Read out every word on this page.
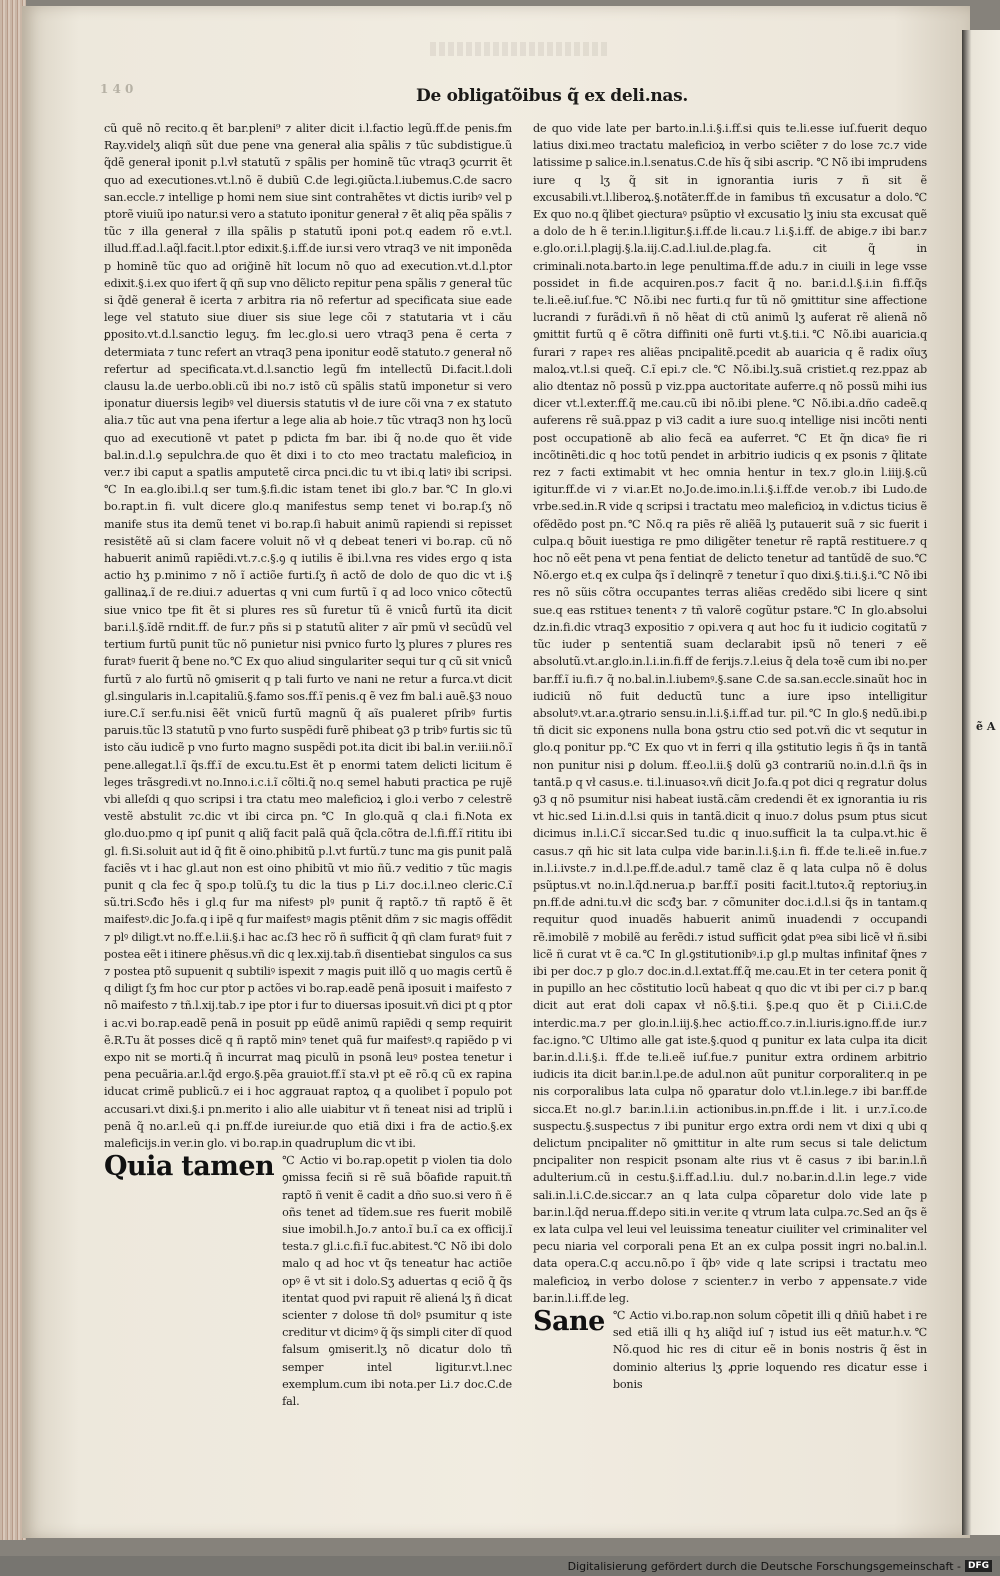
ẽ A
1 4 0	De obligatõibus q̃ ex deli.nas.

cũ quẽ nõ recito.q ẽt bar.pleni⁹ ⁊ aliter dicit i.l.factio legũ.ff.de penis.fm Ray.videlʒ aliqñ sũt due pene vna generał alia spãlis ⁊ tũc subdistigue.ũ q̃dẽ generał iponit p.l.vł statutũ ⁊ spãlis per hominẽ tũc vtraq3 ꝯcurrit ẽt quo ad executiones.vt.l.nõ ẽ dubiũ C.de legi.ꝯiũcta.l.iubemus.C.de sacro san.eccle.⁊ intellige p homi nem siue sint contrahẽtes vt dictis iuribꝰ vel p ptorẽ viuiũ ipo natur.si vero a statuto iponitur generał ⁊ ẽt aliq pẽa spãlis ⁊ tũc ⁊ illa generał ⁊ illa spãlis p statutũ iponi pot.q eadem rõ e.vt.l. illud.ff.ad.l.aq̃l.facit.l.ptor edixit.§.i.ff.de iur.si vero vtraq3 ve nit imponẽda p hominẽ tũc quo ad oriğinẽ hĩt locum nõ quo ad execution.vt.d.l.ptor edixit.§.i.ex quo ifert q̃ qñ sup vno dẽlicto repitur pena spãlis ⁊ generał tũc si q̃dẽ generał ẽ icerta ⁊ arbitra ria nõ refertur ad specificata siue eade lege vel statuto siue diuer sis siue lege cõi ⁊ statutaria vt i cău ꝑposito.vt.d.l.sanctio leguʒ. fm lec.glo.si uero vtraq3 pena ẽ certa ⁊ determiata ⁊ tunc refert an vtraq3 pena iponitur eodẽ statuto.⁊ generał nõ refertur ad specificata.vt.d.l.sanctio legũ fm intellectũ Di.facit.l.doli clausu la.de uerbo.obli.cũ ibi no.⁊ istõ cũ spãlis statũ imponetur si vero iponatur diuersis legibꝰ vel diuersis statutis vł de iure cõi vna ⁊ ex statuto alia.⁊ tũc aut vna pena ifertur a lege alia ab hoie.⁊ tũc vtraq3 non hʒ locũ quo ad executionẽ vt patet p pdicta fm bar. ibi q̃ no.de quo ẽt vide bal.in.d.l.ꝯ sepulchra.de quo ẽt dixi i to cto meo tractatu maleficioꝝ in ver.⁊ ibi caput a spatlis amputetẽ circa pnci.dic tu vt ibi.q latiꝰ ibi scripsi.℃ In ea.glo.ibi.l.q ser tum.§.fi.dic istam tenet ibi glo.⁊ bar.℃ In glo.vi bo.rapt.in fi. vult dicere glo.q manifestus semp tenet vi bo.rap.ſʒ nõ manife stus ita demũ tenet vi bo.rap.ſi habuit animũ rapiendi si repisset resistẽtẽ aũ si clam facere voluit nõ vł q debeat teneri vi bo.rap. cũ nõ habuerit animũ rapiẽdi.vt.⁊.c.§.ꝯ q iutilis ẽ ibi.l.vna res vides ergo q ista actio hʒ p.minimo ⁊ nõ ĩ actiõe furti.ſʒ ñ actõ de dolo de quo dic vt i.§ gallinaꝝ.ĩ de re.diui.⁊ aduertas q vni cum furtũ ĩ q ad loco vnico cõtectũ siue vnico tpe fit ẽt si plures res sũ furetur tũ ẽ vniců furtũ ita dicit bar.i.l.§.ĩdẽ rndit.ff. de fur.⁊ pñs si p statutũ aliter ⁊ aĩr pmũ vł secũdũ vel tertium furtũ punit tũc nõ punietur nisi pvnico furto lʒ plures ⁊ plures res furatꝰ fuerit q̃ bene no.℃ Ex quo aliud singulariter sequi tur q cũ sit vniců furtũ ⁊ alo furtũ nõ ꝯmiserit q p tali furto ve nani ne retur a furca.vt dicit gl.singularis in.l.capitaliũ.§.famo sos.ff.ĩ penis.q ẽ vez fm bal.i auẽ.§3 nouo iure.C.ĩ ser.fu.nisi ẽẽt vnicũ furtũ magnũ q̃ aĩs pualeret pſribꝰ furtis paruis.tũc l3 statutũ p vno furto suspẽdi furẽ phibeat ꝯ3 p tribꝰ furtis sic tũ isto cău iudicẽ p vno furto magno suspẽdi pot.ita dicit ibi bal.in ver.iii.nõ.ĩ pene.allegat.l.ĩ q̃s.ff.ĩ de excu.tu.Est ẽt p enormi tatem delicti licitum ẽ leges trãsgredi.vt no.Inno.i.c.i.ĩ cõlti.q̃ no.q semel habuti practica pe rujẽ vbi alleſdi q quo scripsi i tra ctatu meo maleficioꝝ i glo.i verbo ⁊ celestrẽ vestẽ abstulit ⁊c.dic vt ibi circa pn.℃ In glo.quã q cla.i fi.Nota ex glo.duo.pmo q ipſ punit q aliq̃ facit palã quã q̃cla.cõtra de.l.fi.ff.ĩ rititu ibi gl. fi.Si.soluit aut id q̃ fit ẽ oino.phibitũ p.l.vt furtũ.⁊ tunc ma gis punit palã faciẽs vt i hac gl.aut non est oino phibitũ vt mio ñũ.⁊ veditio ⁊ tũc magis punit q cla fec q̃ spo.p tolũ.ſʒ tu dic la tius p Li.⁊ doc.i.l.neo cleric.C.ĩ sũ.tri.Scđo hẽs i gl.q fur ma nifestꝰ plꝰ punit q̃ raptõ.⁊ tñ raptõ ẽ ẽt maifestꝰ.dic Jo.fa.q i ipẽ q fur maifestꝰ magis ptẽnit dñm ⁊ sic magis offẽdit ⁊ plꝰ diligt.vt no.ff.e.l.ii.§.i hac ac.ſ3 hec rõ ñ sufficit q̃ qñ clam furatꝰ fuit ⁊ postea eẽt i itinere ꝑhẽsus.vñ dic q lex.xij.tab.ñ disentiebat singulos ca sus ⁊ postea ptõ supuenit q subtiliꝰ ispexit ⁊ magis puit illõ q uo magis certũ ẽ q diligt ſʒ fm hoc cur ptor p actões vi bo.rap.eadẽ penã iposuit i maifesto ⁊ nõ maifesto ⁊ tñ.l.xij.tab.⁊ ipe ptor i fur to diuersas iposuit.vñ dici pt q ptor i ac.vi bo.rap.eadẽ penã in posuit pp eũdẽ animũ rapiẽdi q semp requirit ẽ.R.Tu ãt posses dicẽ q ñ raptõ minꝰ tenet quã fur maifestꝰ.q rapiẽdo p vi expo nit se morti.q̃ ñ incurrat maꝗ piculũ in psonã leuꝰ postea tenetur i pena pecuãria.ar.l.q̃d ergo.§.pẽa grauiot.ff.ĩ sta.vł pt eẽ rõ.q cũ ex rapina iducat crimẽ publicũ.⁊ ei i hoc aggrauat raptoꝝ q a quolibet ĩ populo pot accusari.vt dixi.§.i pn.merito i alio alle uiabitur vt ñ teneat nisi ad triplũ i penã q̃ no.ar.l.eũ q.i pn.ff.de iureiur.de quo etiã dixi i fra de actio.§.ex maleficijs.in ver.in glo. vi bo.rap.in quadruplum dic vt ibi.

Quia tamen ℃ Actio vi bo.rap.opetit p violen tia dolo ꝯmissa feciñ si rẽ suã bõafide rapuit.tñ raptõ ñ venit ẽ cadit a dño suo.si vero ñ ẽ oñs tenet ad tĩdem.sue res fuerit mobilẽ siue imobil.h.Jo.⁊ anto.ĩ bu.ĩ ca ex officij.ĩ testa.⁊ gl.i.c.fi.ĩ fuc.abitest.℃ Nõ ibi dolo malo q ad hoc vt q̃s teneatur hac actiõe opꝰ ẽ vt sit i dolo.Sʒ aduertas q eciõ q̃ q̃s itentat quod pvi rapuit rẽ aliená lʒ ñ dicat scienter ⁊ dolose tñ dolꝰ psumitur q iste creditur vt dicimꝰ q̃ q̃s simpli citer dĩ quod falsum ꝯmiserit.lʒ nõ dicatur dolo tñ semper intel ligitur.vt.l.nec exemplum.cum ibi nota.per Li.⁊ doc.C.de fal.

de quo vide late per barto.in.l.i.§.i.ff.si quis te.li.esse iuſ.fuerit dequo latius dixi.meo tractatu maleficioꝝ in verbo sciẽter ⁊ do lose ⁊c.⁊ vide latissime p salice.in.l.senatus.C.de hĩs q̃ sibi ascrip. ℃ Nõ ibi imprudens iure q lʒ q̃ sit in ignorantia iuris ⁊ ñ sit ẽ excusabili.vt.l.liberoꝝ.§.notãter.ff.de in famibus tñ excusatur a dolo.℃ Ex quo no.q q̃libet ꝯiecturaꝰ psũptio vł excusatio lʒ iniu sta excusat quẽ a dolo de h ẽ ter.in.l.ligitur.§.i.ff.de li.cau.⁊ l.i.§.i.ff. de abige.⁊ ibi bar.⁊ e.glo.or.i.l.plagij.§.la.iij.C.ad.l.iul.de.plag.fa. cit q̃ in criminali.nota.barto.in lege penultima.ff.de adu.⁊ in ciuili in lege vsse possidet in fi.de acquiren.pos.⁊ facit q̃ no. bar.i.d.l.§.i.in fi.ff.q̃s te.li.eẽ.iuſ.fue.℃ Nõ.ibi nec furti.q fur tũ nõ ꝯmittitur sine affectione lucrandi ⁊ furãdi.vñ ñ nõ hẽat di ctũ animũ lʒ auferat rẽ alienã nõ ꝯmittit furtũ q ẽ cõtra diffiniti onẽ furti vt.§.ti.i.℃ Nõ.ibi auaricia.q furari ⁊ rapeꝛ res aliẽas pncipalitẽ.pcedit ab auaricia q ẽ radix oĩuʒ maloꝝ.vt.l.si queq̃. C.ĩ epi.⁊ cle.℃ Nõ.ibi.lʒ.suã cristiet.q rez.ppaz ab alio dtentaz nõ possũ p viz.ppa auctoritate auferre.q nõ possũ mihi ius dicer vt.l.exter.ff.q̃ me.cau.cũ ibi nõ.ibi plene.℃ Nõ.ibi.a.dño cadeẽ.q auferens rẽ suã.ppaz p vi3 cadit a iure suo.q intellige nisi incõti nenti post occupationẽ ab alio fecã ea auferret.℃ Et q̃n dicaꝰ fie ri incõtinẽti.dic q hoc totũ pendet in arbitrio iudicis q ex psonis ⁊ q̃litate rez ⁊ facti extimabit vt hec omnia hentur in tex.⁊ glo.in l.iiij.§.cũ igitur.ff.de vi ⁊ vi.ar.Et no.Jo.de.imo.in.l.i.§.i.ff.de ver.ob.⁊ ibi Ludo.de vrbe.sed.in.R vide q scripsi i tractatu meo maleficioꝝ in v.dictus ticius ẽ ofẽdẽdo post pn.℃ Nõ.q ra piẽs rẽ aliẽã lʒ putauerit suã ⁊ sic fuerit i culpa.q bõuit iuestiga re pmo diligẽter tenetur rẽ raptã restituere.⁊ q hoc nõ eẽt pena vt pena fentiat de delicto tenetur ad tantũdẽ de suo.℃ Nõ.ergo et.q ex culpa q̃s ĩ delinqrẽ ⁊ tenetur ĩ quo dixi.§.ti.i.§.i.℃ Nõ ibi res nõ sũis cõtra occupantes terras aliẽas credẽdo sibi licere q sint sue.q eas rstitueꝛ tenentꝛ ⁊ tñ valorẽ cogũtur pstare.℃ In glo.absolui dz.in.fi.dic vtraq3 expositio ⁊ opi.vera q aut hoc fu it iudicio cogitatũ ⁊ tũc iuder p sententiã suam declarabit ipsũ nõ teneri ⁊ eẽ absolutũ.vt.ar.glo.in.l.i.in.fi.ff de ferijs.⁊.l.eius q̃ dela toꝛẽ cum ibi no.per bar.ff.ĩ iu.fi.⁊ q̃ no.bal.in.l.iubemꝰ.§.sane C.de sa.san.eccle.sinaũt hoc in iudiciũ nõ fuit deductũ tunc a iure ipso intelligitur absolutꝰ.vt.ar.a.ꝯtrario sensu.in.l.i.§.i.ff.ad tur. pil.℃ In glo.§ nedũ.ibi.p tñ dicit sic exponens nulla bona ꝯstru ctio sed pot.vñ dic vt sequtur in glo.q ponitur pp.℃ Ex quo vt in ferri q illa ꝯstitutio legis ñ q̃s in tantã non punitur nisi ꝑ dolum. ff.eo.l.ii.§ dolũ ꝯ3 contrariũ no.in.d.l.ñ q̃s in tantã.p q vł casus.e. ti.l.inuasoꝛ.vñ dicit Jo.fa.q pot dici q regratur dolus ꝯ3 q nõ psumitur nisi habeat iustã.cãm credendi ẽt ex ignorantia iu ris vt hic.sed Li.in.d.l.si quis in tantã.dicit q inuo.⁊ dolus psum ptus sicut dicimus in.l.i.C.ĩ siccar.Sed tu.dic q inuo.sufficit la ta culpa.vt.hic ẽ casus.⁊ qñ hic sit lata culpa vide bar.in.l.i.§.i.n fi. ff.de te.li.eẽ in.fue.⁊ in.l.i.ivste.⁊ in.d.l.pe.ff.de.adul.⁊ tamẽ claz ẽ q lata culpa nõ ẽ dolus psũptus.vt no.in.l.q̃d.nerua.p bar.ff.ĩ positi facit.l.tutoꝛ.q̃ reptoriuʒ.in pn.ff.de adni.tu.vł dic scđʒ bar. ⁊ cõmuniter doc.i.d.l.si q̃s in tantam.q requitur quod inuadẽs habuerit animũ inuadendi ⁊ occupandi rẽ.imobilẽ ⁊ mobilẽ au ferẽdi.⁊ istud sufficit ꝯdat pꝰea sibi licẽ vł ñ.sibi licẽ ñ curat vt ẽ ca.℃ In gl.ꝯstitutionibꝰ.i.p gl.p multas infinitaf q̃nes ⁊ ibi per doc.⁊ p glo.⁊ doc.in.d.l.extat.ff.q̃ me.cau.Et in ter cetera ponit q̃ in pupillo an hec cõstitutio locũ habeat q quo dic vt ibi per ci.⁊ p bar.q dicit aut erat doli capax vł nõ.§.ti.i. §.pe.q quo ẽt p Ci.i.i.C.de interdic.ma.⁊ per glo.in.l.iij.§.hec actio.ff.co.⁊.in.l.iuris.igno.ff.de iur.⁊ fac.igno.℃ Ultimo alle gat iste.§.quod q punitur ex lata culpa ita dicit bar.in.d.l.i.§.i. ff.de te.li.eẽ iuſ.fue.⁊ punitur extra ordinem arbitrio iudicis ita dicit bar.in.l.pe.de adul.non aũt punitur corporaliter.q in pe nis corporalibus lata culpa nõ ꝯparatur dolo vt.l.in.lege.⁊ ibi bar.ff.de sicca.Et no.gl.⁊ bar.in.l.i.in actionibus.in.pn.ff.de i lit. i ur.⁊.ĩ.co.de suspectu.§.suspectus ⁊ ibi punitur ergo extra ordi nem vt dixi q ubi q delictum pncipaliter nõ ꝯmittitur in alte rum secus si tale delictum pncipaliter non respicit psonam alte rius vt ẽ casus ⁊ ibi bar.in.l.ñ adulterium.cũ in cestu.§.i.ff.ad.l.iu. dul.⁊ no.bar.in.d.l.in lege.⁊ vide sali.in.l.i.C.de.siccar.⁊ an q lata culpa cõparetur dolo vide late p bar.in.l.q̃d nerua.ff.depo siti.in ver.ite q vtrum lata culpa.⁊c.Sed an q̃s ẽ ex lata culpa vel leui vel leuissima teneatur ciuiliter vel criminaliter vel pecu niaria vel corporali pena Et an ex culpa possit ingri no.bal.in.l. data opera.C.q accu.nõ.po ĩ q̃bꝰ vide q late scripsi i tractatu meo maleficioꝝ in verbo dolose ⁊ scienter.⁊ in verbo ⁊ appensate.⁊ vide bar.in.l.i.ff.de leg.

Sane ℃ Actio vi.bo.rap.non solum cõpetit illi q dñiũ habet i re sed etiã illi q hʒ aliq̃d iuſ ⁊ istud ius eẽt matur.h.v.℃ Nõ.quod hic res di citur eẽ in bonis nostris q̃ ẽst in dominio alterius lʒ ꝓprie loquendo res dicatur esse i bonis
Digitalisierung gefördert durch die Deutsche Forschungsgemeinschaft - DFG
